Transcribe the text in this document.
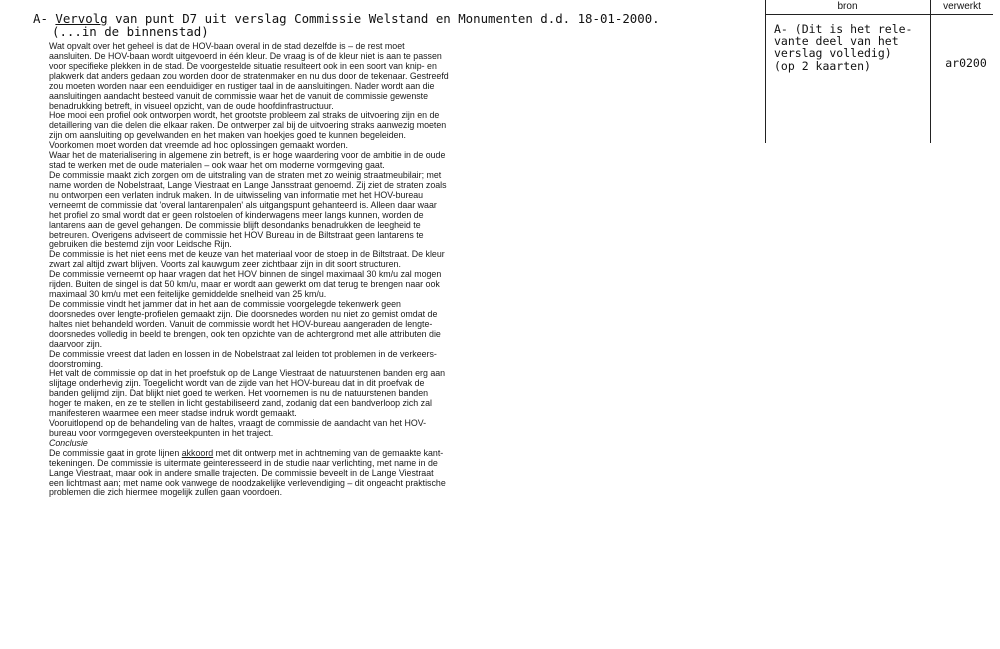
A- Vervolg van punt D7 uit verslag Commissie Welstand en Monumenten d.d. 18-01-2000.
(...in de binnenstad)
Wat opvalt over het geheel is dat de HOV-baan overal in de stad dezelfde is – de rest moet
aansluiten. De HOV-baan wordt uitgevoerd in één kleur. De vraag is of de kleur niet is aan te passen
voor specifieke plekken in de stad. De voorgestelde situatie resulteert ook in een soort van knip- en
plakwerk dat anders gedaan zou worden door de stratenmaker en nu dus door de tekenaar. Gestreefd
zou moeten worden naar een eenduidiger en rustiger taal in de aansluitingen. Nader wordt aan die
aansluitingen aandacht besteed vanuit de commissie waar het de vanuit de commissie gewenste
benadrukking betreft, in visueel opzicht, van de oude hoofdinfrastructuur.
Hoe mooi een profiel ook ontworpen wordt, het grootste probleem zal straks de uitvoering zijn en de
detaillering van die delen die elkaar raken. De ontwerper zal bij de uitvoering straks aanwezig moeten
zijn om aansluiting op gevelwanden en het maken van hoekjes goed te kunnen begeleiden.
Voorkomen moet worden dat vreemde ad hoc oplossingen gemaakt worden.
Waar het de materialisering in algemene zin betreft, is er hoge waardering voor de ambitie in de oude
stad te werken met de oude materialen – ook waar het om moderne vormgeving gaat.
De commissie maakt zich zorgen om de uitstraling van de straten met zo weinig straatmeubilair; met
name worden de Nobelstraat, Lange Viestraat en Lange Jansstraat genoemd. Zij ziet de straten zoals
nu ontworpen een verlaten indruk maken. In de uitwisseling van informatie met het HOV-bureau
verneemt de commissie dat 'overal lantarenpalen' als uitgangspunt gehanteerd is. Alleen daar waar
het profiel zo smal wordt dat er geen rolstoelen of kinderwagens meer langs kunnen, worden de
lantarens aan de gevel gehangen. De commissie blijft desondanks benadrukken de leegheid te
betreuren. Overigens adviseert de commissie het HOV Bureau in de Biltstraat geen lantarens te
gebruiken die bestemd zijn voor Leidsche Rijn.
De commissie is het niet eens met de keuze van het materiaal voor de stoep in de Biltstraat. De kleur
zwart zal altijd zwart blijven. Voorts zal kauwgum zeer zichtbaar zijn in dit soort structuren.
De commissie verneemt op haar vragen dat het HOV binnen de singel maximaal 30 km/u zal mogen
rijden. Buiten de singel is dat 50 km/u, maar er wordt aan gewerkt om dat terug te brengen naar ook
maximaal 30 km/u met een feitelijke gemiddelde snelheid van 25 km/u.
De commissie vindt het jammer dat in het aan de commissie voorgelegde tekenwerk geen
doorsnedes over lengte-profielen gemaakt zijn. Die doorsnedes worden nu niet zo gemist omdat de
haltes niet behandeld worden. Vanuit de commissie wordt het HOV-bureau aangeraden de lengte-
doorsnedes volledig in beeld te brengen, ook ten opzichte van de achtergrond met alle attributen die
daarvoor zijn.
De commissie vreest dat laden en lossen in de Nobelstraat zal leiden tot problemen in de verkeers-
doorstroming.
Het valt de commissie op dat in het proefstuk op de Lange Viestraat de natuurstenen banden erg aan
slijtage onderhevig zijn. Toegelicht wordt van de zijde van het HOV-bureau dat in dit proefvak de
banden gelijmd zijn. Dat blijkt niet goed te werken. Het voornemen is nu de natuurstenen banden
hoger te maken, en ze te stellen in licht gestabiliseerd zand, zodanig dat een bandverloop zich zal
manifesteren waarmee een meer stadse indruk wordt gemaakt.
Vooruitlopend op de behandeling van de haltes, vraagt de commissie de aandacht van het HOV-
bureau voor vormgegeven oversteekpunten in het traject.
Conclusie
De commissie gaat in grote lijnen akkoord met dit ontwerp met in achtneming van de gemaakte kant-
tekeningen. De commissie is uitermate geinteresseerd in de studie naar verlichting, met name in de
Lange Viestraat, maar ook in andere smalle trajecten. De commissie beveelt in de Lange Viestraat
een lichtmast aan; met name ook vanwege de noodzakelijke verlevendiging – dit ongeacht praktische
problemen die zich hiermee mogelijk zullen gaan voordoen.
bron	verwerkt
A- (Dit is het rele-
vante deel van het
verslag volledig)
(op 2 kaarten)	ar0200
